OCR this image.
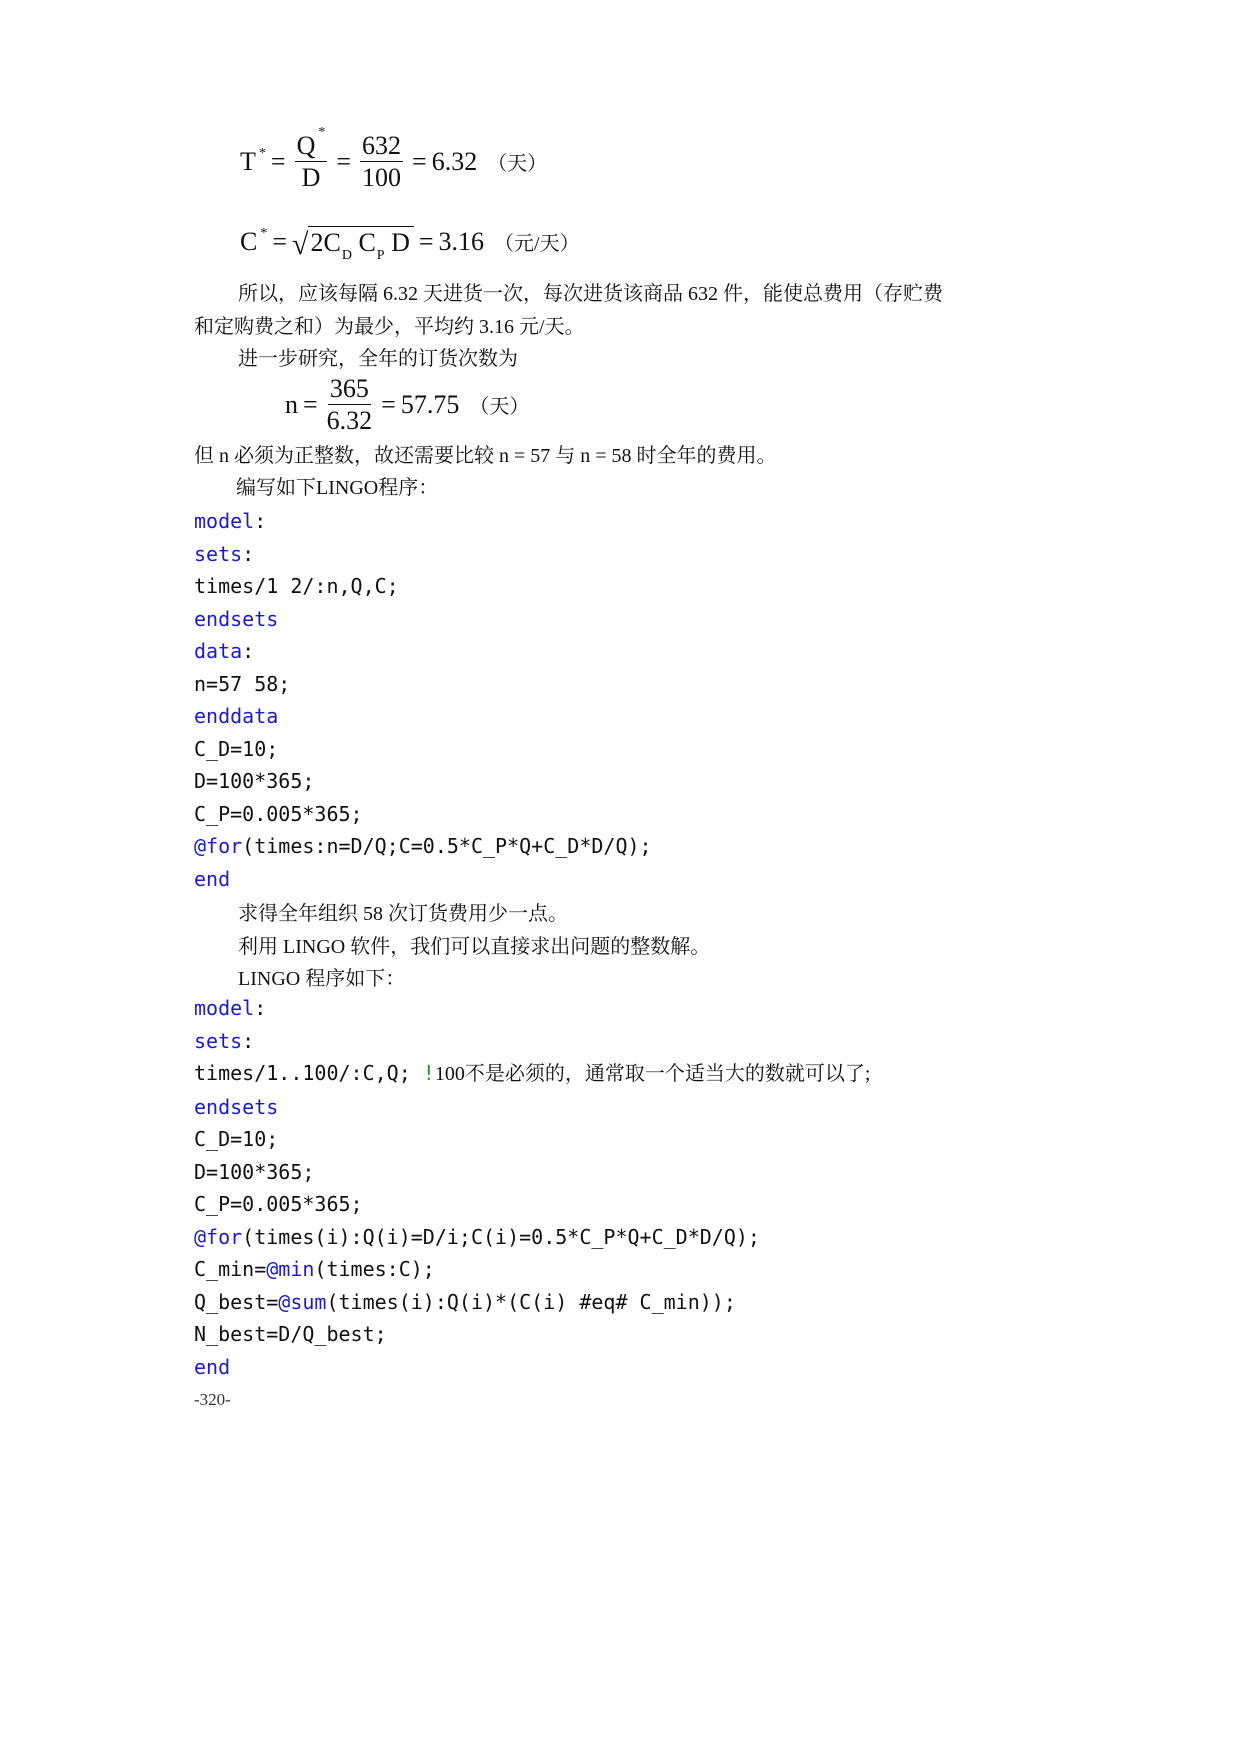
T * = $\frac{Q ^*}{D} = \frac{632}{100} = 6.32$ （天）
C * = √ $2C_D$ $C_P$ D = 3.16 （元/天）
所以，应该每隔 6.32 天进货一次，每次进货该商品 632 件，能使总费用（存贮费
和定购费之和）为最少，平均约 3.16 元/天。
进一步研究，全年的订货次数为
$n = \frac{365}{6.32} = 57.75$ （天）
但 n 必须为正整数，故还需要比较 n = 57 与 n = 58 时全年的费用。
编写如下LINGO程序：
model:
sets:
times/1 2/:n,Q,C;
endsets
data:
n=57 58;
enddata
C_D=10;
D=100*365;
C_P=0.005*365;
@for(times:n=D/Q;C=0.5*C_P*Q+C_D*D/Q);
end
求得全年组织 58 次订货费用少一点。
利用 LINGO 软件，我们可以直接求出问题的整数解。
LINGO 程序如下：
model:
sets:
times/1..100/:C,Q; !100不是必须的，通常取一个适当大的数就可以了;
endsets
C_D=10;
D=100*365;
C_P=0.005*365;
@for(times(i):Q(i)=D/i;C(i)=0.5*C_P*Q+C_D*D/Q);
C_min=@min(times:C);
Q_best=@sum(times(i):Q(i)*(C(i) #eq# C_min));
N_best=D/Q_best;
end
-320-
